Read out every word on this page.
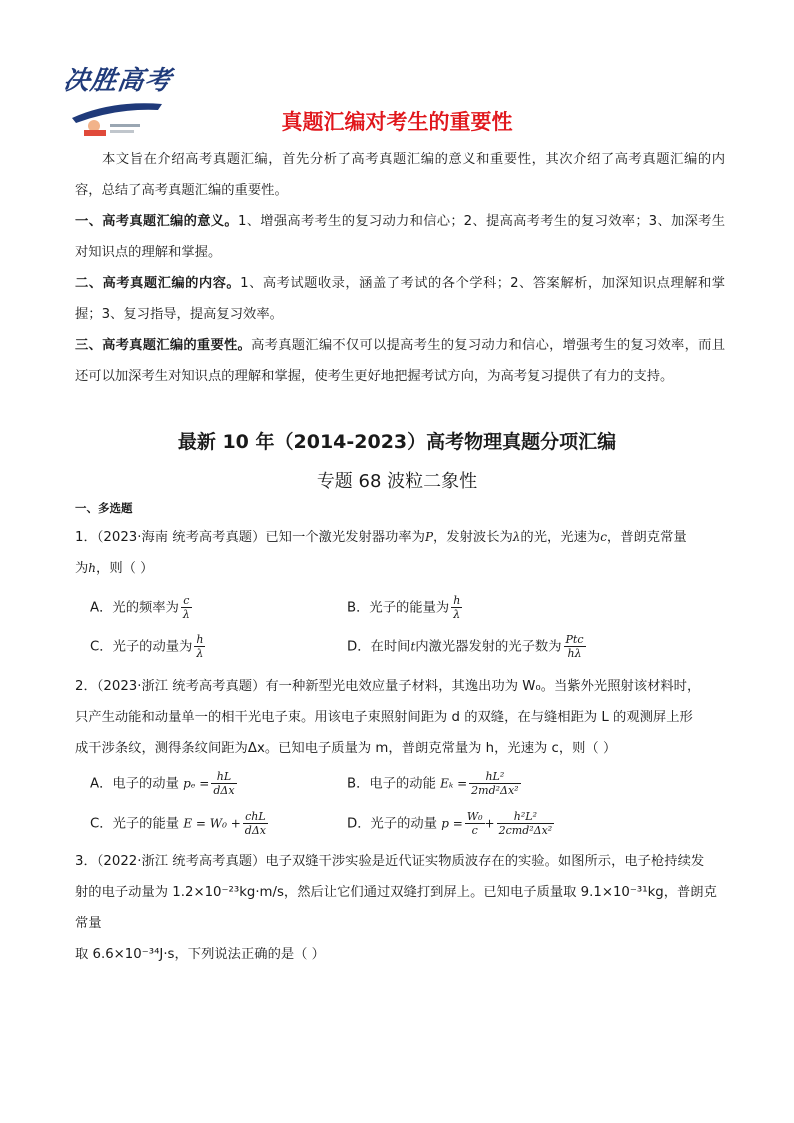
决胜高考
真题汇编对考生的重要性
本文旨在介绍高考真题汇编，首先分析了高考真题汇编的意义和重要性，其次介绍了高考真题汇编的内容，总结了高考真题汇编的重要性。
一、高考真题汇编的意义。1、增强高考考生的复习动力和信心；2、提高高考考生的复习效率；3、加深考生对知识点的理解和掌握。
二、高考真题汇编的内容。1、高考试题收录，涵盖了考试的各个学科；2、答案解析，加深知识点理解和掌握；3、复习指导，提高复习效率。
三、高考真题汇编的重要性。高考真题汇编不仅可以提高考生的复习动力和信心，增强考生的复习效率，而且还可以加深考生对知识点的理解和掌握，使考生更好地把握考试方向，为高考复习提供了有力的支持。
最新 10 年（2014-2023）高考物理真题分项汇编
专题 68 波粒二象性
一、多选题
1．（2023·海南 统考高考真题）已知一个激光发射器功率为P，发射波长为λ的光，光速为c，普朗克常量
为h，则（ ）
A．光的频率为 $\frac{c}{\lambda}$	B．光子的能量为 $\frac{h}{\lambda}$
C．光子的动量为 $\frac{h}{\lambda}$	D．在时间t内激光器发射的光子数为 $\frac{\text{Ptc}}{h\lambda}$
2．（2023·浙江 统考高考真题）有一种新型光电效应量子材料，其逸出功为 W₀。当紫外光照射该材料时，
只产生动能和动量单一的相干光电子束。用该电子束照射间距为 d 的双缝，在与缝相距为 L 的观测屏上形
成干涉条纹，测得条纹间距为Δx。已知电子质量为 m，普朗克常量为 h，光速为 c，则（ ）
A．电子的动量 $p_e = \frac{hL}{\text{dΔx}}$	B．电子的动能 $E_k = \frac{\text{hL²}}{\text{2md²Δx²}}$
C．光子的能量 $E = W_0 + \frac{\text{chL}}{\text{dΔx}}$	D．光子的动量 $p = \frac{\text{W₀}}{c} + \frac{\text{h²L²}}{\text{2cmd²Δx²}}$
3．（2022·浙江 统考高考真题）电子双缝干涉实验是近代证实物质波存在的实验。如图所示，电子枪持续发
射的电子动量为 1.2×10⁻²³kg·m/s，然后让它们通过双缝打到屏上。已知电子质量取 9.1×10⁻³¹kg，普朗克常量
取 6.6×10⁻³⁴J·s，下列说法正确的是（ ）
